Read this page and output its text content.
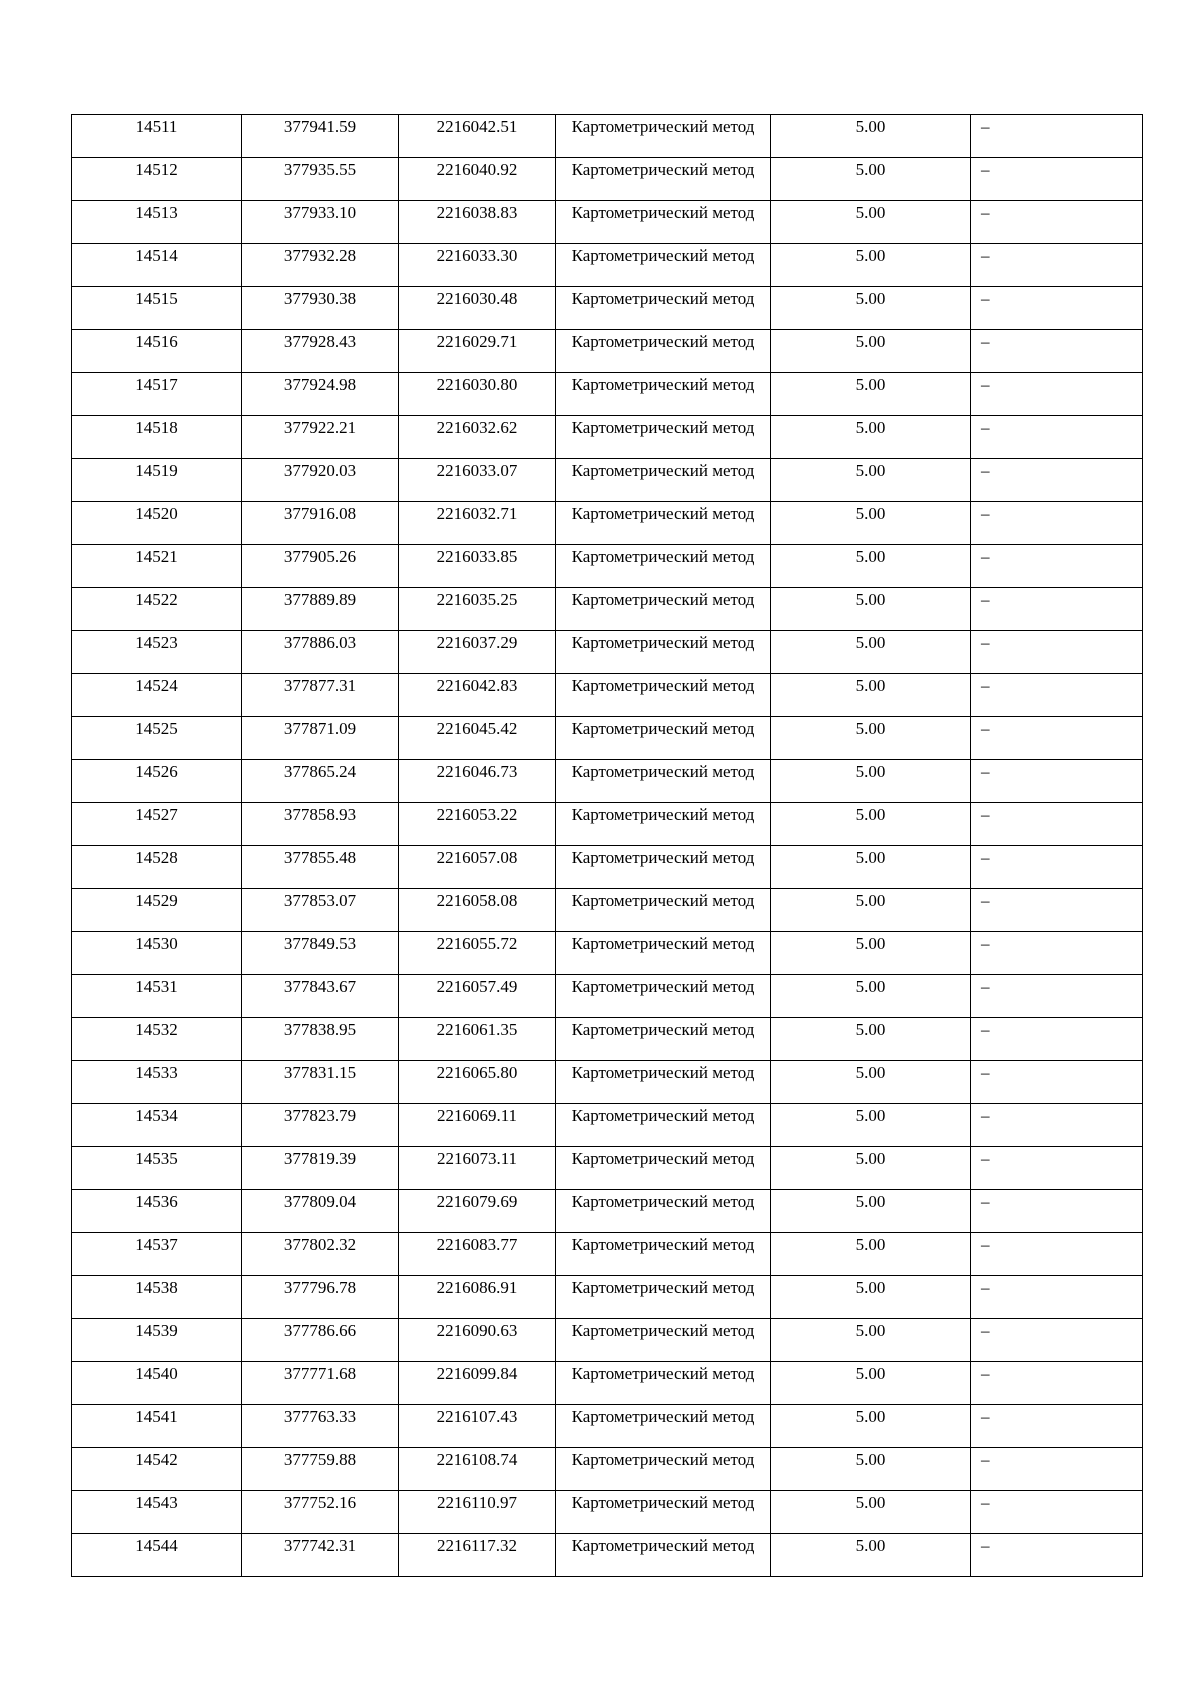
14511	377941.59	2216042.51	Картометрический метод	5.00	–

14512	377935.55	2216040.92	Картометрический метод	5.00	–

14513	377933.10	2216038.83	Картометрический метод	5.00	–

14514	377932.28	2216033.30	Картометрический метод	5.00	–

14515	377930.38	2216030.48	Картометрический метод	5.00	–

14516	377928.43	2216029.71	Картометрический метод	5.00	–

14517	377924.98	2216030.80	Картометрический метод	5.00	–

14518	377922.21	2216032.62	Картометрический метод	5.00	–

14519	377920.03	2216033.07	Картометрический метод	5.00	–

14520	377916.08	2216032.71	Картометрический метод	5.00	–

14521	377905.26	2216033.85	Картометрический метод	5.00	–

14522	377889.89	2216035.25	Картометрический метод	5.00	–

14523	377886.03	2216037.29	Картометрический метод	5.00	–

14524	377877.31	2216042.83	Картометрический метод	5.00	–

14525	377871.09	2216045.42	Картометрический метод	5.00	–

14526	377865.24	2216046.73	Картометрический метод	5.00	–

14527	377858.93	2216053.22	Картометрический метод	5.00	–

14528	377855.48	2216057.08	Картометрический метод	5.00	–

14529	377853.07	2216058.08	Картометрический метод	5.00	–

14530	377849.53	2216055.72	Картометрический метод	5.00	–

14531	377843.67	2216057.49	Картометрический метод	5.00	–

14532	377838.95	2216061.35	Картометрический метод	5.00	–

14533	377831.15	2216065.80	Картометрический метод	5.00	–

14534	377823.79	2216069.11	Картометрический метод	5.00	–

14535	377819.39	2216073.11	Картометрический метод	5.00	–

14536	377809.04	2216079.69	Картометрический метод	5.00	–

14537	377802.32	2216083.77	Картометрический метод	5.00	–

14538	377796.78	2216086.91	Картометрический метод	5.00	–

14539	377786.66	2216090.63	Картометрический метод	5.00	–

14540	377771.68	2216099.84	Картометрический метод	5.00	–

14541	377763.33	2216107.43	Картометрический метод	5.00	–

14542	377759.88	2216108.74	Картометрический метод	5.00	–

14543	377752.16	2216110.97	Картометрический метод	5.00	–

14544	377742.31	2216117.32	Картометрический метод	5.00	–
